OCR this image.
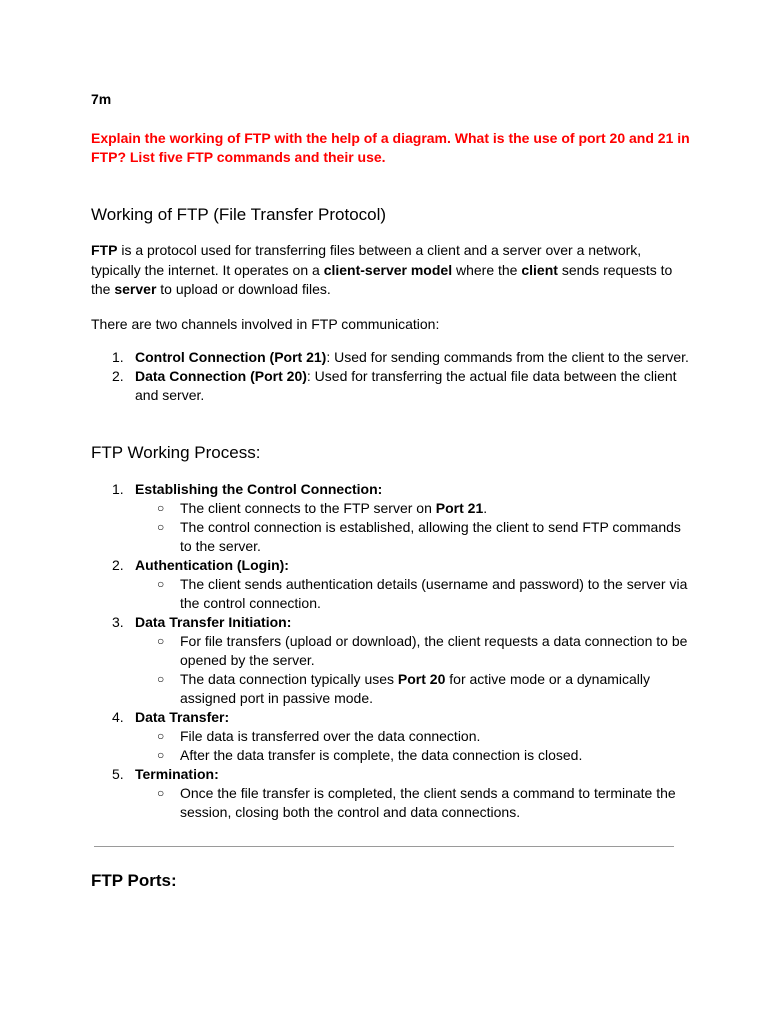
7m

Explain the working of FTP with the help of a diagram. What is the use of port 20 and 21 in FTP? List five FTP commands and their use.

Working of FTP (File Transfer Protocol)

FTP is a protocol used for transferring files between a client and a server over a network, typically the internet. It operates on a client-server model where the client sends requests to the server to upload or download files.

There are two channels involved in FTP communication:

1. Control Connection (Port 21): Used for sending commands from the client to the server.
2. Data Connection (Port 20): Used for transferring the actual file data between the client and server.
FTP Working Process:
1. Establishing the Control Connection:
○ The client connects to the FTP server on Port 21.
○ The control connection is established, allowing the client to send FTP commands to the server.
2. Authentication (Login):
○ The client sends authentication details (username and password) to the server via the control connection.
3. Data Transfer Initiation:
○ For file transfers (upload or download), the client requests a data connection to be opened by the server.
○ The data connection typically uses Port 20 for active mode or a dynamically assigned port in passive mode.
4. Data Transfer:
○ File data is transferred over the data connection.
○ After the data transfer is complete, the data connection is closed.
5. Termination:
○ Once the file transfer is completed, the client sends a command to terminate the session, closing both the control and data connections.
FTP Ports:
